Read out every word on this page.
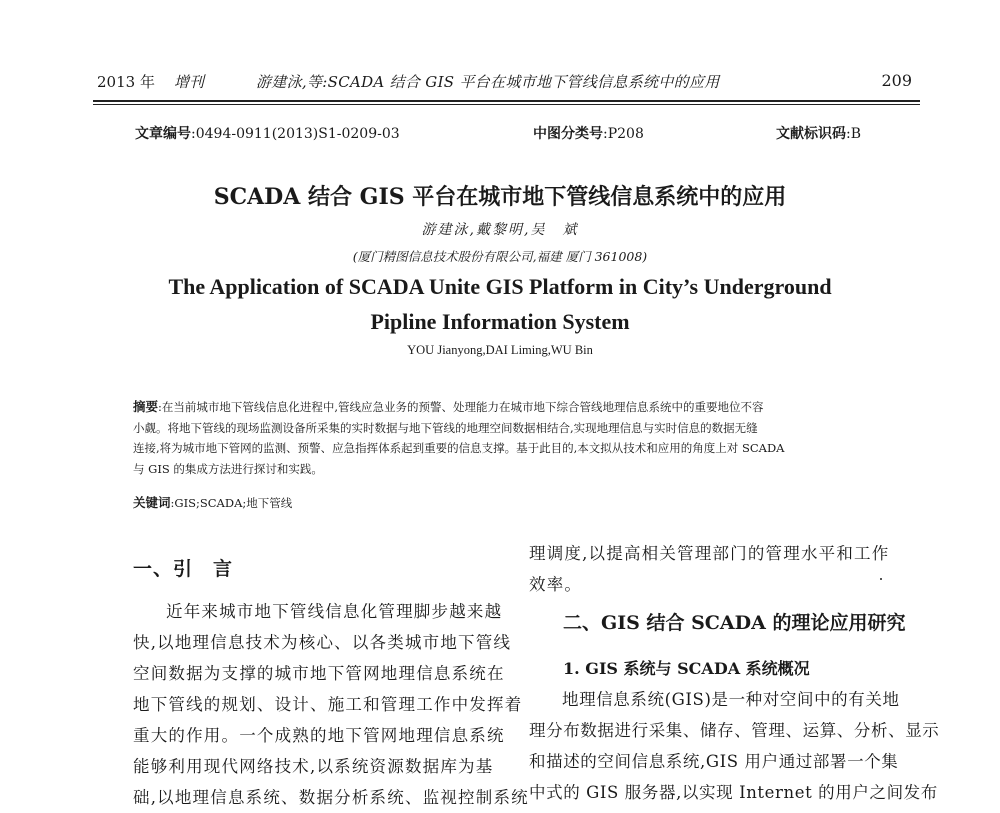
2013 年 增刊	游建泳,等:SCADA 结合 GIS 平台在城市地下管线信息系统中的应用	209
文章编号:0494-0911(2013)S1-0209-03	中图分类号:P208	文献标识码:B
SCADA 结合 GIS 平台在城市地下管线信息系统中的应用
游建泳,戴黎明,吴　斌
(厦门精图信息技术股份有限公司,福建 厦门 361008)
The Application of SCADA Unite GIS Platform in City’s Underground
Pipline Information System
YOU Jianyong,DAI Liming,WU Bin
摘要:在当前城市地下管线信息化进程中,管线应急业务的预警、处理能力在城市地下综合管线地理信息系统中的重要地位不容
小觑。将地下管线的现场监测设备所采集的实时数据与地下管线的地理空间数据相结合,实现地理信息与实时信息的数据无缝
连接,将为城市地下管网的监测、预警、应急指挥体系起到重要的信息支撑。基于此目的,本文拟从技术和应用的角度上对 SCADA
与 GIS 的集成方法进行探讨和实践。
关键词:GIS;SCADA;地下管线
一、引　言
近年来城市地下管线信息化管理脚步越来越
快,以地理信息技术为核心、以各类城市地下管线
空间数据为支撑的城市地下管网地理信息系统在
地下管线的规划、设计、施工和管理工作中发挥着
重大的作用。一个成熟的地下管网地理信息系统
能够利用现代网络技术,以系统资源数据库为基
础,以地理信息系统、数据分析系统、监视控制系统
理调度,以提高相关管理部门的管理水平和工作
效率。
二、GIS 结合 SCADA 的理论应用研究
1. GIS 系统与 SCADA 系统概况
地理信息系统(GIS)是一种对空间中的有关地
理分布数据进行采集、储存、管理、运算、分析、显示
和描述的空间信息系统,GIS 用户通过部署一个集
中式的 GIS 服务器,以实现 Internet 的用户之间发布
